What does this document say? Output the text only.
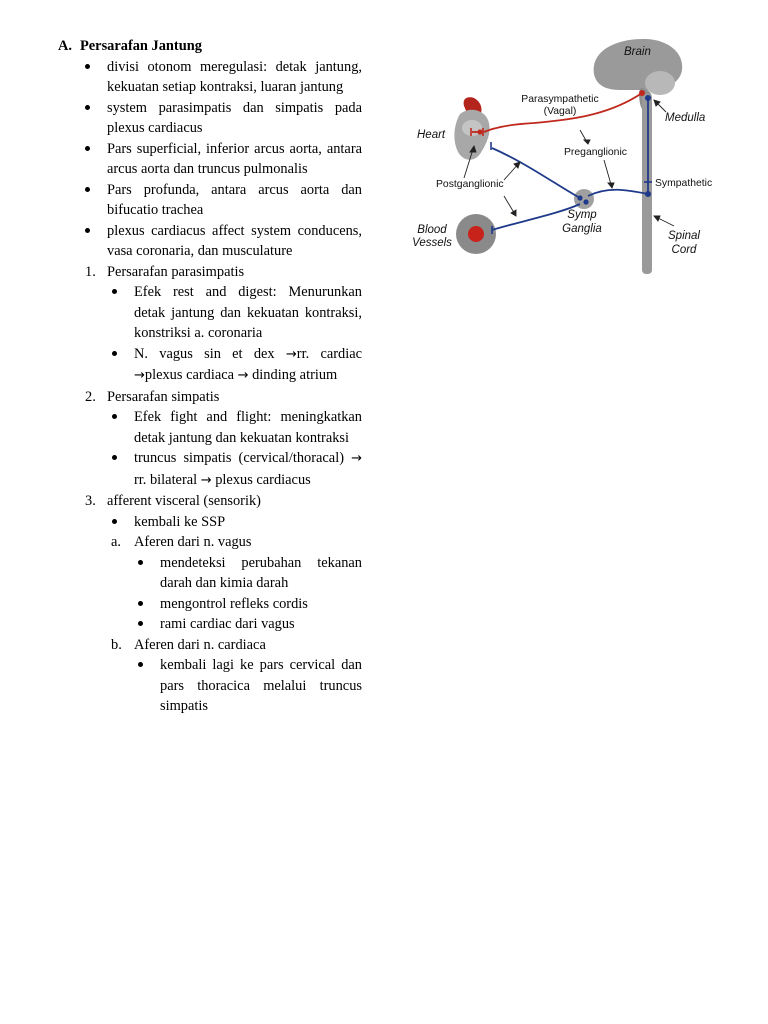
A. Persarafan Jantung

divisi otonom meregulasi: detak jantung, kekuatan setiap kontraksi, luaran jantung

system parasimpatis dan simpatis pada plexus cardiacus

Pars superficial, inferior arcus aorta, antara arcus aorta dan truncus pulmonalis

Pars profunda, antara arcus aorta dan bifucatio trachea

plexus cardiacus affect system conducens, vasa coronaria, dan musculature

1. Persarafan parasimpatis

Efek rest and digest: Menurunkan detak jantung dan kekuatan kontraksi, konstriksi a. coronaria

N. vagus sin et dex →rr. cardiac →plexus cardiaca → dinding atrium

2. Persarafan simpatis

Efek fight and flight: meningkatkan detak jantung dan kekuatan kontraksi

truncus simpatis (cervical/thoracal) → rr. bilateral → plexus cardiacus

3. afferent visceral (sensorik)

kembali ke SSP

a. Aferen dari n. vagus

mendeteksi perubahan tekanan darah dan kimia darah

mengontrol refleks cordis

rami cardiac dari vagus

b. Aferen dari n. cardiaca

kembali lagi ke pars cervical dan pars thoracica melalui truncus simpatis

Brain
Parasympathetic
(Vagal)
Medulla
Heart
Preganglionic
Postganglionic	Sympathetic
Blood
Vessels
Symp
Ganglia
Spinal
Cord
